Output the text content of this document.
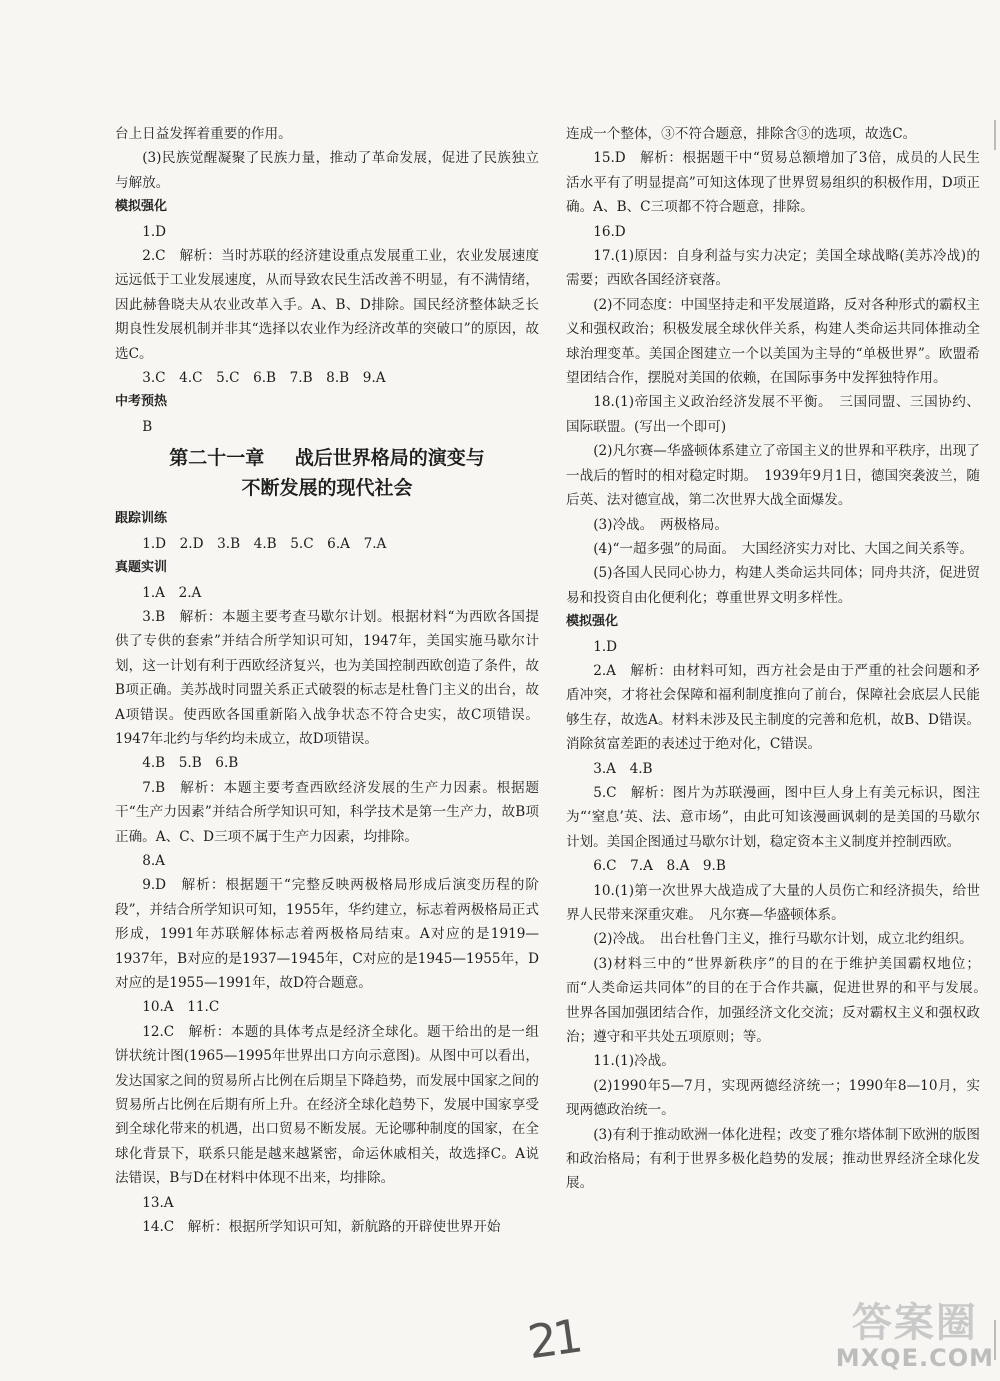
台上日益发挥着重要的作用。

(3)民族觉醒凝聚了民族力量，推动了革命发展，促进了民族独立与解放。

模拟强化

1.D

2.C　解析：当时苏联的经济建设重点发展重工业，农业发展速度远远低于工业发展速度，从而导致农民生活改善不明显，有不满情绪，因此赫鲁晓夫从农业改革入手。A、B、D排除。国民经济整体缺乏长期良性发展机制并非其“选择以农业作为经济改革的突破口”的原因，故选C。

3.C　4.C　5.C　6.B　7.B　8.B　9.A

中考预热

B

第二十一章 战后世界格局的演变与
不断发展的现代社会

跟踪训练

1.D　2.D　3.B　4.B　5.C　6.A　7.A

真题实训

1.A　2.A

3.B　解析：本题主要考查马歇尔计划。根据材料“为西欧各国提供了专供的套索”并结合所学知识可知，1947年，美国实施马歇尔计划，这一计划有利于西欧经济复兴，也为美国控制西欧创造了条件，故B项正确。美苏战时同盟关系正式破裂的标志是杜鲁门主义的出台，故A项错误。使西欧各国重新陷入战争状态不符合史实，故C项错误。1947年北约与华约均未成立，故D项错误。

4.B　5.B　6.B

7.B　解析：本题主要考查西欧经济发展的生产力因素。根据题干“生产力因素”并结合所学知识可知，科学技术是第一生产力，故B项正确。A、C、D三项不属于生产力因素，均排除。

8.A

9.D　解析：根据题干“完整反映两极格局形成后演变历程的阶段”，并结合所学知识可知，1955年，华约建立，标志着两极格局正式形成，1991年苏联解体标志着两极格局结束。A对应的是1919—1937年，B对应的是1937—1945年，C对应的是1945—1955年，D对应的是1955—1991年，故D符合题意。

10.A　11.C

12.C　解析：本题的具体考点是经济全球化。题干给出的是一组饼状统计图(1965—1995年世界出口方向示意图)。从图中可以看出，发达国家之间的贸易所占比例在后期呈下降趋势，而发展中国家之间的贸易所占比例在后期有所上升。在经济全球化趋势下，发展中国家享受到全球化带来的机遇，出口贸易不断发展。无论哪种制度的国家，在全球化背景下，联系只能是越来越紧密，命运休戚相关，故选择C。A说法错误，B与D在材料中体现不出来，均排除。

13.A

14.C　解析：根据所学知识可知，新航路的开辟使世界开始

连成一个整体，③不符合题意，排除含③的选项，故选C。

15.D　解析：根据题干中“贸易总额增加了3倍，成员的人民生活水平有了明显提高”可知这体现了世界贸易组织的积极作用，D项正确。A、B、C三项都不符合题意，排除。

16.D

17.(1)原因：自身利益与实力决定；美国全球战略(美苏冷战)的需要；西欧各国经济衰落。

(2)不同态度：中国坚持走和平发展道路，反对各种形式的霸权主义和强权政治；积极发展全球伙伴关系，构建人类命运共同体推动全球治理变革。美国企图建立一个以美国为主导的“单极世界”。欧盟希望团结合作，摆脱对美国的依赖，在国际事务中发挥独特作用。

18.(1)帝国主义政治经济发展不平衡。　三国同盟、三国协约、国际联盟。(写出一个即可)

(2)凡尔赛—华盛顿体系建立了帝国主义的世界和平秩序，出现了一战后的暂时的相对稳定时期。　1939年9月1日，德国突袭波兰，随后英、法对德宣战，第二次世界大战全面爆发。

(3)冷战。　两极格局。

(4)“一超多强”的局面。　大国经济实力对比、大国之间关系等。

(5)各国人民同心协力，构建人类命运共同体；同舟共济，促进贸易和投资自由化便利化；尊重世界文明多样性。

模拟强化

1.D

2.A　解析：由材料可知，西方社会是由于严重的社会问题和矛盾冲突，才将社会保障和福利制度推向了前台，保障社会底层人民能够生存，故选A。材料未涉及民主制度的完善和危机，故B、D错误。消除贫富差距的表述过于绝对化，C错误。

3.A　4.B

5.C　解析：图片为苏联漫画，图中巨人身上有美元标识，图注为“‘窒息’英、法、意市场”，由此可知该漫画讽刺的是美国的马歇尔计划。美国企图通过马歇尔计划，稳定资本主义制度并控制西欧。

6.C　7.A　8.A　9.B

10.(1)第一次世界大战造成了大量的人员伤亡和经济损失，给世界人民带来深重灾难。　凡尔赛—华盛顿体系。

(2)冷战。　出台杜鲁门主义，推行马歇尔计划，成立北约组织。

(3)材料三中的“世界新秩序”的目的在于维护美国霸权地位；而“人类命运共同体”的目的在于合作共赢，促进世界的和平与发展。　世界各国加强团结合作，加强经济文化交流；反对霸权主义和强权政治；遵守和平共处五项原则；等。

11.(1)冷战。

(2)1990年5—7月，实现两德经济统一；1990年8—10月，实现两德政治统一。

(3)有利于推动欧洲一体化进程；改变了雅尔塔体制下欧洲的版图和政治格局；有利于世界多极化趋势的发展；推动世界经济全球化发展。

21	答案圈
MXQE.COM
